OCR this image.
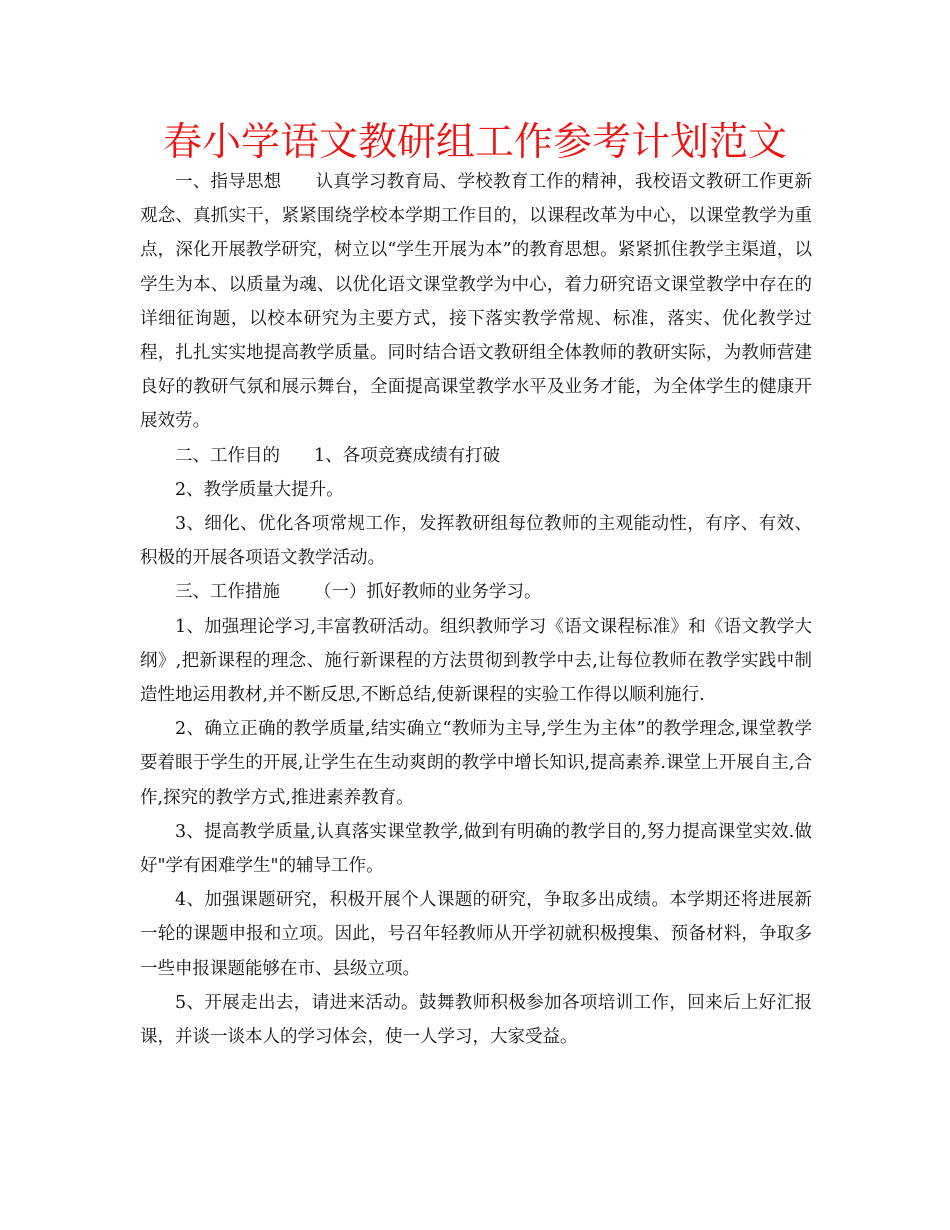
春小学语文教研组工作参考计划范文

一、指导思想 认真学习教育局、学校教育工作的精神，我校语文教研工作更新观念、真抓实干，紧紧围绕学校本学期工作目的，以课程改革为中心，以课堂教学为重点，深化开展教学研究，树立以“学生开展为本”的教育思想。紧紧抓住教学主渠道，以学生为本、以质量为魂、以优化语文课堂教学为中心，着力研究语文课堂教学中存在的详细征询题，以校本研究为主要方式，接下落实教学常规、标准，落实、优化教学过程，扎扎实实地提高教学质量。同时结合语文教研组全体教师的教研实际，为教师营建良好的教研气氛和展示舞台，全面提高课堂教学水平及业务才能，为全体学生的健康开展效劳。

二、工作目的 1、各项竞赛成绩有打破

2、教学质量大提升。

3、细化、优化各项常规工作，发挥教研组每位教师的主观能动性，有序、有效、积极的开展各项语文教学活动。

三、工作措施 （一）抓好教师的业务学习。

1、加强理论学习,丰富教研活动。组织教师学习《语文课程标准》和《语文教学大纲》,把新课程的理念、施行新课程的方法贯彻到教学中去,让每位教师在教学实践中制造性地运用教材,并不断反思,不断总结,使新课程的实验工作得以顺利施行.

2、确立正确的教学质量,结实确立“教师为主导,学生为主体”的教学理念,课堂教学要着眼于学生的开展,让学生在生动爽朗的教学中增长知识,提高素养.课堂上开展自主,合作,探究的教学方式,推进素养教育。

3、提高教学质量,认真落实课堂教学,做到有明确的教学目的,努力提高课堂实效.做好"学有困难学生"的辅导工作。

4、加强课题研究，积极开展个人课题的研究，争取多出成绩。本学期还将进展新一轮的课题申报和立项。因此，号召年轻教师从开学初就积极搜集、预备材料，争取多一些申报课题能够在市、县级立项。

5、开展走出去，请进来活动。鼓舞教师积极参加各项培训工作，回来后上好汇报课，并谈一谈本人的学习体会，使一人学习，大家受益。
